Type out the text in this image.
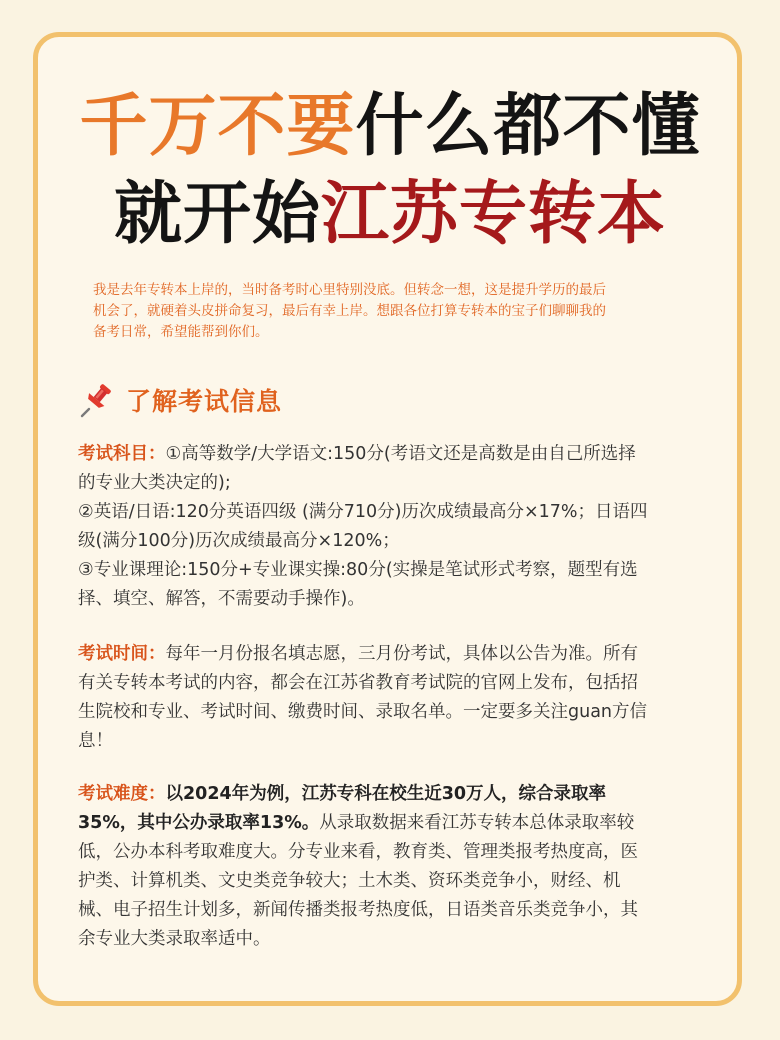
千万不要什么都不懂
就开始江苏专转本
我是去年专转本上岸的，当时备考时心里特别没底。但转念一想，这是提升学历的最后
机会了，就硬着头皮拼命复习，最后有幸上岸。想跟各位打算专转本的宝子们聊聊我的
备考日常，希望能帮到你们。
了解考试信息
考试科目：①高等数学/大学语文:150分(考语文还是高数是由自己所选择
的专业大类决定的);
②英语/日语:120分英语四级 (满分710分)历次成绩最高分×17%；日语四
级(满分100分)历次成绩最高分×120%；
③专业课理论:150分+专业课实操:80分(实操是笔试形式考察，题型有选
择、填空、解答，不需要动手操作)。
考试时间：每年一月份报名填志愿，三月份考试，具体以公告为准。所有
有关专转本考试的内容，都会在江苏省教育考试院的官网上发布，包括招
生院校和专业、考试时间、缴费时间、录取名单。一定要多关注guan方信
息！
考试难度：以2024年为例，江苏专科在校生近30万人，综合录取率
35%，其中公办录取率13%。从录取数据来看江苏专转本总体录取率较
低，公办本科考取难度大。分专业来看，教育类、管理类报考热度高，医
护类、计算机类、文史类竞争较大；土木类、资环类竞争小，财经、机
械、电子招生计划多，新闻传播类报考热度低，日语类音乐类竞争小，其
余专业大类录取率适中。
